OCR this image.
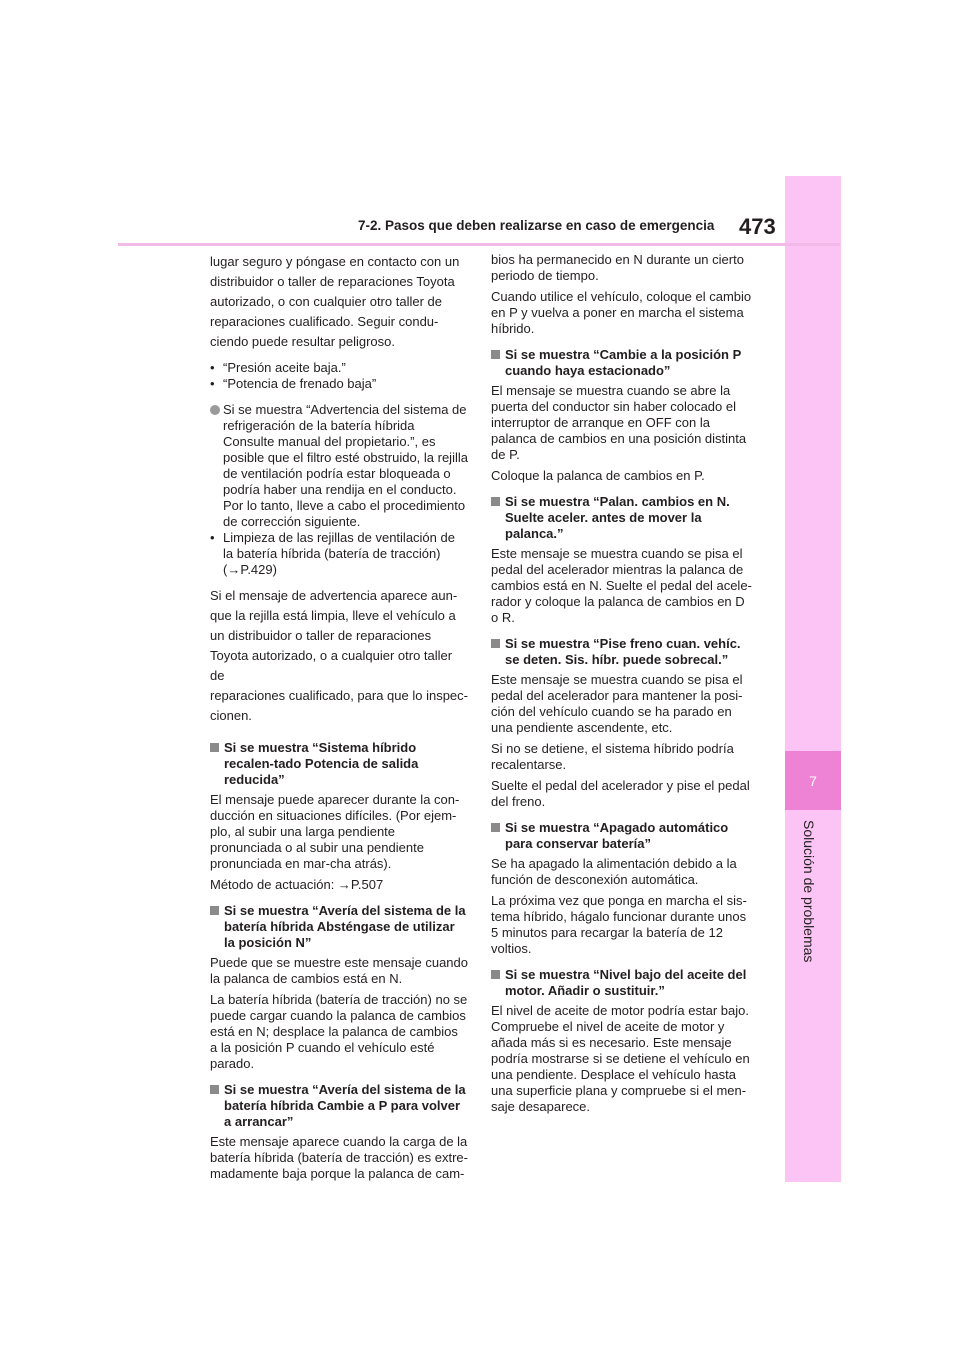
7
Solución de problemas
7-2. Pasos que deben realizarse en caso de emergencia 473
lugar seguro y póngase en contacto con un
distribuidor o taller de reparaciones Toyota
autorizado, o con cualquier otro taller de
reparaciones cualificado. Seguir condu-
ciendo puede resultar peligroso.
• “Presión aceite baja.”
• “Potencia de frenado baja”
Si se muestra “Advertencia del sistema de refrigeración de la batería híbrida Consulte manual del propietario.”, es posible que el filtro esté obstruido, la rejilla de ventilación podría estar bloqueada o podría haber una rendija en el conducto. Por lo tanto, lleve a cabo el procedimiento de corrección siguiente.
• Limpieza de las rejillas de ventilación de la batería híbrida (batería de tracción) (→P.429)
Si el mensaje de advertencia aparece aun-
que la rejilla está limpia, lleve el vehículo a
un distribuidor o taller de reparaciones
Toyota autorizado, o a cualquier otro taller de
reparaciones cualificado, para que lo inspec-
cionen.
Si se muestra “Sistema híbrido recalen-tado Potencia de salida reducida”
El mensaje puede aparecer durante la con-ducción en situaciones difíciles. (Por ejem-plo, al subir una larga pendiente pronunciada o al subir una pendiente pronunciada en mar-cha atrás).
Método de actuación: →P.507
Si se muestra “Avería del sistema de la batería híbrida Absténgase de utilizar la posición N”
Puede que se muestre este mensaje cuando la palanca de cambios está en N.
La batería híbrida (batería de tracción) no se puede cargar cuando la palanca de cambios está en N; desplace la palanca de cambios a la posición P cuando el vehículo esté parado.
Si se muestra “Avería del sistema de la batería híbrida Cambie a P para volver a arrancar”
Este mensaje aparece cuando la carga de la batería híbrida (batería de tracción) es extre-madamente baja porque la palanca de cam-
bios ha permanecido en N durante un cierto periodo de tiempo.
Cuando utilice el vehículo, coloque el cambio en P y vuelva a poner en marcha el sistema híbrido.
Si se muestra “Cambie a la posición P cuando haya estacionado”
El mensaje se muestra cuando se abre la puerta del conductor sin haber colocado el interruptor de arranque en OFF con la palanca de cambios en una posición distinta de P.
Coloque la palanca de cambios en P.
Si se muestra “Palan. cambios en N. Suelte aceler. antes de mover la palanca.”
Este mensaje se muestra cuando se pisa el pedal del acelerador mientras la palanca de cambios está en N. Suelte el pedal del acele-rador y coloque la palanca de cambios en D o R.
Si se muestra “Pise freno cuan. vehíc. se deten. Sis. híbr. puede sobrecal.”
Este mensaje se muestra cuando se pisa el pedal del acelerador para mantener la posi-ción del vehículo cuando se ha parado en una pendiente ascendente, etc.
Si no se detiene, el sistema híbrido podría recalentarse.
Suelte el pedal del acelerador y pise el pedal del freno.
Si se muestra “Apagado automático para conservar batería”
Se ha apagado la alimentación debido a la función de desconexión automática.
La próxima vez que ponga en marcha el sis-tema híbrido, hágalo funcionar durante unos 5 minutos para recargar la batería de 12 voltios.
Si se muestra “Nivel bajo del aceite del motor. Añadir o sustituir.”
El nivel de aceite de motor podría estar bajo. Compruebe el nivel de aceite de motor y añada más si es necesario. Este mensaje podría mostrarse si se detiene el vehículo en una pendiente. Desplace el vehículo hasta una superficie plana y compruebe si el men-saje desaparece.
